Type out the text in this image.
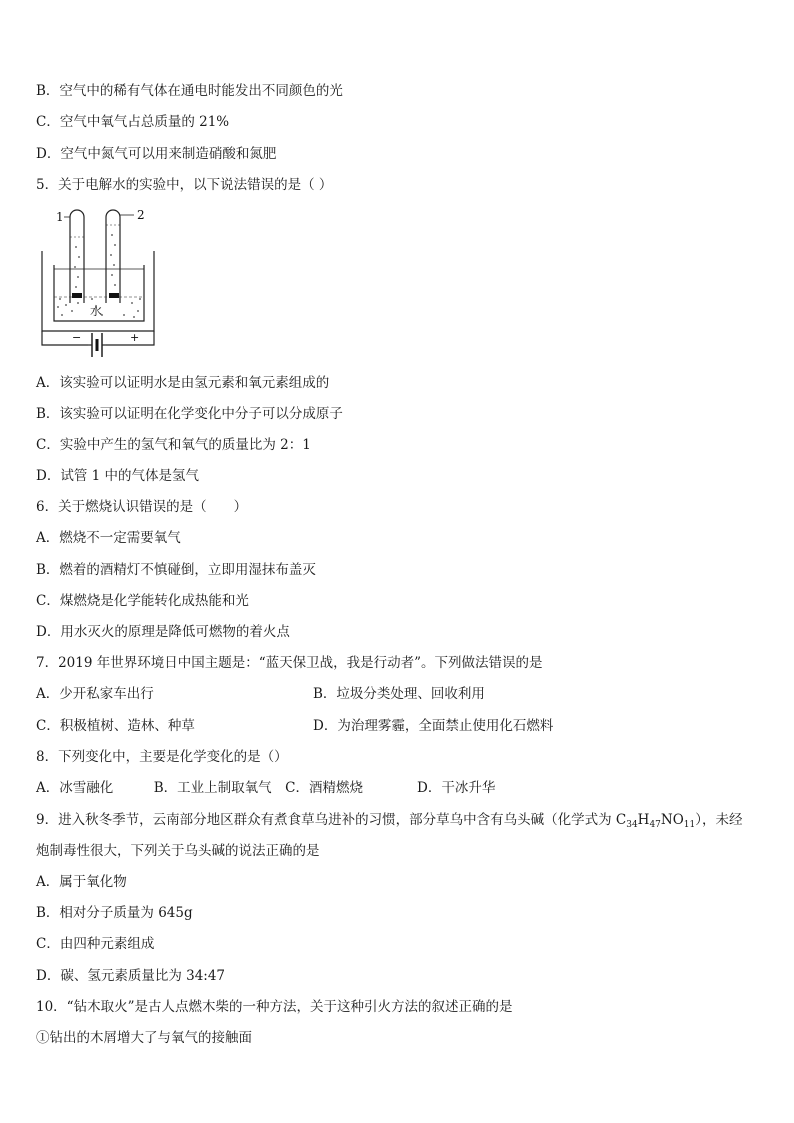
B．空气中的稀有气体在通电时能发出不同颜色的光
C．空气中氧气占总质量的 21%
D．空气中氮气可以用来制造硝酸和氮肥
5．关于电解水的实验中，以下说法错误的是（ ）
1	2
水
−	+
A．该实验可以证明水是由氢元素和氧元素组成的
B．该实验可以证明在化学变化中分子可以分成原子
C．实验中产生的氢气和氧气的质量比为 2：1
D．试管 1 中的气体是氢气
6．关于燃烧认识错误的是（　　）
A．燃烧不一定需要氧气
B．燃着的酒精灯不慎碰倒，立即用湿抹布盖灭
C．煤燃烧是化学能转化成热能和光
D．用水灭火的原理是降低可燃物的着火点
7．2019 年世界环境日中国主题是：“蓝天保卫战，我是行动者”。下列做法错误的是
A．少开私家车出行	B．垃圾分类处理、回收利用
C．积极植树、造林、种草	D．为治理雾霾，全面禁止使用化石燃料
8．下列变化中，主要是化学变化的是（）
A．冰雪融化　　　B．工业上制取氧气　C．酒精燃烧　　　　D．干冰升华
9．进入秋冬季节，云南部分地区群众有煮食草乌进补的习惯，部分草乌中含有乌头碱（化学式为 $C_{34}H_{47}NO_{11}$），未经
炮制毒性很大，下列关于乌头碱的说法正确的是
A．属于氧化物
B．相对分子质量为 645g
C．由四种元素组成
D．碳、氢元素质量比为 34:47
10．“钻木取火”是古人点燃木柴的一种方法，关于这种引火方法的叙述正确的是
①钻出的木屑增大了与氧气的接触面
